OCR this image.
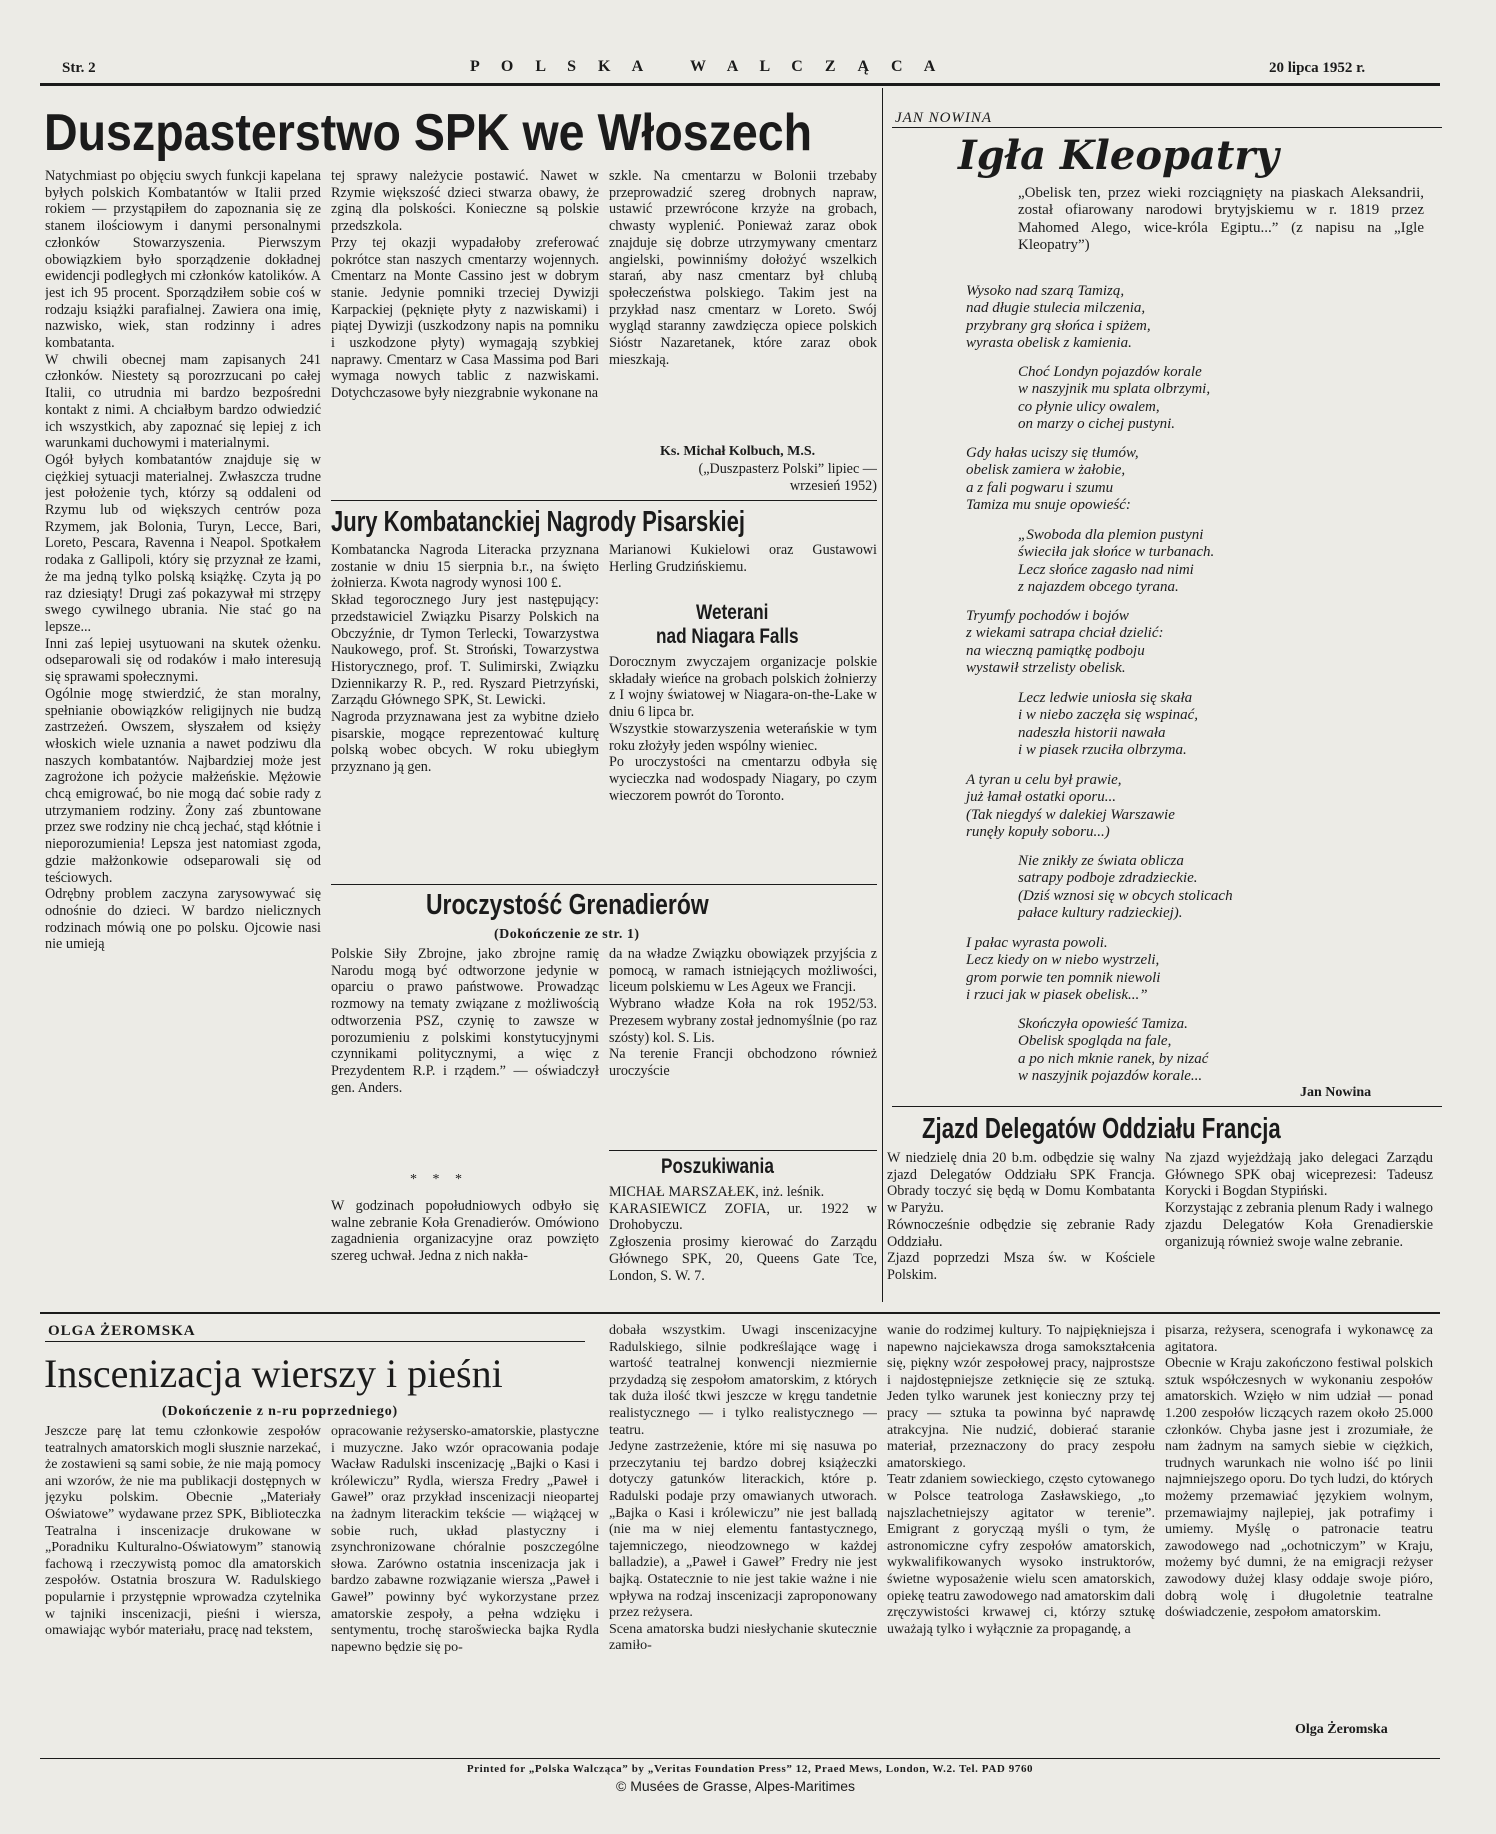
Str. 2	P O L S K A   W A L C Z Ą C A	20 lipca 1952 r.
Duszpasterstwo SPK we Włoszech

Natychmiast po objęciu swych funkcji kapelana byłych polskich Kombatantów w Italii przed rokiem — przystąpiłem do zapoznania się ze stanem ilościowym i danymi personalnymi członków Stowarzyszenia. Pierwszym obowiązkiem było sporządzenie dokładnej ewidencji podległych mi członków katolików. A jest ich 95 procent. Sporządziłem sobie coś w rodzaju książki parafialnej. Zawiera ona imię, nazwisko, wiek, stan rodzinny i adres kombatanta.
W chwili obecnej mam zapisanych 241 członków. Niestety są porozrzucani po całej Italii, co utrudnia mi bardzo bezpośredni kontakt z nimi. A chciałbym bardzo odwiedzić ich wszystkich, aby zapoznać się lepiej z ich warunkami duchowymi i materialnymi.
Ogół byłych kombatantów znajduje się w ciężkiej sytuacji materialnej. Zwłaszcza trudne jest położenie tych, którzy są oddaleni od Rzymu lub od większych centrów poza Rzymem, jak Bolonia, Turyn, Lecce, Bari, Loreto, Pescara, Ravenna i Neapol. Spotkałem rodaka z Gallipoli, który się przyznał ze łzami, że ma jedną tylko polską książkę. Czyta ją po raz dziesiąty! Drugi zaś pokazywał mi strzępy swego cywilnego ubrania. Nie stać go na lepsze...
Inni zaś lepiej usytuowani na skutek ożenku. odseparowali się od rodaków i mało interesują się sprawami społecznymi.
Ogólnie mogę stwierdzić, że stan moralny, spełnianie obowiązków religijnych nie budzą zastrzeżeń. Owszem, słyszałem od księży włoskich wiele uznania a nawet podziwu dla naszych kombatantów. Najbardziej może jest zagrożone ich pożycie małżeńskie. Mężowie chcą emigrować, bo nie mogą dać sobie rady z utrzymaniem rodziny. Żony zaś zbuntowane przez swe rodziny nie chcą jechać, stąd kłótnie i nieporozumienia! Lepsza jest natomiast zgoda, gdzie małżonkowie odseparowali się od teściowych.
Odrębny problem zaczyna zarysowywać się odnośnie do dzieci. W bardzo nielicznych rodzinach mówią one po polsku. Ojcowie nasi nie umieją

tej sprawy należycie postawić. Nawet w Rzymie większość dzieci stwarza obawy, że zginą dla polskości. Konieczne są polskie przedszkola.
Przy tej okazji wypadałoby zreferować pokrótce stan naszych cmentarzy wojennych. Cmentarz na Monte Cassino jest w dobrym stanie. Jedynie pomniki trzeciej Dywizji Karpackiej (pęknięte płyty z nazwiskami) i piątej Dywizji (uszkodzony napis na pomniku i uszkodzone płyty) wymagają szybkiej naprawy. Cmentarz w Casa Massima pod Bari wymaga nowych tablic z nazwiskami. Dotychczasowe były niezgrabnie wykonane na

szkle. Na cmentarzu w Bolonii trzebaby przeprowadzić szereg drobnych napraw, ustawić przewrócone krzyże na grobach, chwasty wyplenić. Ponieważ zaraz obok znajduje się dobrze utrzymywany cmentarz angielski, powinniśmy dołożyć wszelkich starań, aby nasz cmentarz był chlubą społeczeństwa polskiego. Takim jest na przykład nasz cmentarz w Loreto. Swój wygląd staranny zawdzięcza opiece polskich Sióstr Nazaretanek, które zaraz obok mieszkają.

Ks. Michał Kolbuch, M.S.

(„Duszpasterz Polski” lipiec — wrzesień 1952)

Jury Kombatanckiej Nagrody Pisarskiej

Kombatancka Nagroda Literacka przyznana zostanie w dniu 15 sierpnia b.r., na święto żołnierza. Kwota nagrody wynosi 100 £.
Skład tegorocznego Jury jest następujący: przedstawiciel Związku Pisarzy Polskich na Obczyźnie, dr Tymon Terlecki, Towarzystwa Naukowego, prof. St. Stroński, Towarzystwa Historycznego, prof. T. Sulimirski, Związku Dziennikarzy R. P., red. Ryszard Pietrzyński, Zarządu Głównego SPK, St. Lewicki.
Nagroda przyznawana jest za wybitne dzieło pisarskie, mogące reprezentować kulturę polską wobec obcych. W roku ubiegłym przyznano ją gen.

Marianowi Kukielowi oraz Gustawowi Herling Grudzińskiemu.

Weterani
nad Niagara Falls

Dorocznym zwyczajem organizacje polskie składały wieńce na grobach polskich żołnierzy z I wojny światowej w Niagara-on-the-Lake w dniu 6 lipca br.
Wszystkie stowarzyszenia weterańskie w tym roku złożyły jeden wspólny wieniec.
Po uroczystości na cmentarzu odbyła się wycieczka nad wodospady Niagary, po czym wieczorem powrót do Toronto.

Uroczystość Grenadierów
(Dokończenie ze str. 1)

Polskie Siły Zbrojne, jako zbrojne ramię Narodu mogą być odtworzone jedynie w oparciu o prawo państwowe. Prowadząc rozmowy na tematy związane z możliwością odtworzenia PSZ, czynię to zawsze w porozumieniu z polskimi konstytucyjnymi czynnikami politycznymi, a więc z Prezydentem R.P. i rządem.” — oświadczył gen. Anders.

* * *

W godzinach popołudniowych odbyło się walne zebranie Koła Grenadierów. Omówiono zagadnienia organizacyjne oraz powzięto szereg uchwał. Jedna z nich nakła-

da na władze Związku obowiązek przyjścia z pomocą, w ramach istniejących możliwości, liceum polskiemu w Les Ageux we Francji.
Wybrano władze Koła na rok 1952/53. Prezesem wybrany został jednomyślnie (po raz szósty) kol. S. Lis.
Na terenie Francji obchodzono również uroczyście

Poszukiwania

MICHAŁ MARSZAŁEK, inż. leśnik.
KARASIEWICZ ZOFIA, ur. 1922 w Drohobyczu.
Zgłoszenia prosimy kierować do Zarządu Głównego SPK, 20, Queens Gate Tce, London, S. W. 7.

JAN NOWINA
Igła Kleopatry

„Obelisk ten, przez wieki rozciągnięty na piaskach Aleksandrii, został ofiarowany narodowi brytyjskiemu w r. 1819 przez Mahomed Alego, wice-króla Egiptu...” (z napisu na „Igle Kleopatry”)

Wysoko nad szarą Tamizą,
nad długie stulecia milczenia,
przybrany grą słońca i spiżem,
wyrasta obelisk z kamienia.

Choć Londyn pojazdów korale
w naszyjnik mu splata olbrzymi,
co płynie ulicy owalem,
on marzy o cichej pustyni.

Gdy hałas uciszy się tłumów,
obelisk zamiera w żałobie,
a z fali pogwaru i szumu
Tamiza mu snuje opowieść:

„Swoboda dla plemion pustyni
świeciła jak słońce w turbanach.
Lecz słońce zagasło nad nimi
z najazdem obcego tyrana.

Tryumfy pochodów i bojów
z wiekami satrapa chciał dzielić:
na wieczną pamiątkę podboju
wystawił strzelisty obelisk.

Lecz ledwie uniosła się skała
i w niebo zaczęła się wspinać,
nadeszła historii nawała
i w piasek rzuciła olbrzyma.

A tyran u celu był prawie,
już łamał ostatki oporu...
(Tak niegdyś w dalekiej Warszawie
runęły kopuły soboru...)

Nie znikły ze świata oblicza
satrapy podboje zdradzieckie.
(Dziś wznosi się w obcych stolicach
pałace kultury radzieckiej).

I pałac wyrasta powoli.
Lecz kiedy on w niebo wystrzeli,
grom porwie ten pomnik niewoli
i rzuci jak w piasek obelisk...”

Skończyła opowieść Tamiza.
Obelisk spogląda na fale,
a po nich mknie ranek, by nizać
w naszyjnik pojazdów korale...

Jan Nowina
Zjazd Delegatów Oddziału Francja

W niedzielę dnia 20 b.m. odbędzie się walny zjazd Delegatów Oddziału SPK Francja. Obrady toczyć się będą w Domu Kombatanta w Paryżu.
Równocześnie odbędzie się zebranie Rady Oddziału.
Zjazd poprzedzi Msza św. w Kościele Polskim.

Na zjazd wyjeżdżają jako delegaci Zarządu Głównego SPK obaj wiceprezesi: Tadeusz Korycki i Bogdan Stypiński.
Korzystając z zebrania plenum Rady i walnego zjazdu Delegatów Koła Grenadierskie organizują również swoje walne zebranie.

OLGA ŻEROMSKA
Inscenizacja wierszy i pieśni
(Dokończenie z n-ru poprzedniego)

Jeszcze parę lat temu członkowie zespołów teatralnych amatorskich mogli słusznie narzekać, że zostawieni są sami sobie, że nie mają pomocy ani wzorów, że nie ma publikacji dostępnych w języku polskim. Obecnie „Materiały Oświatowe” wydawane przez SPK, Biblioteczka Teatralna i inscenizacje drukowane w „Poradniku Kulturalno-Oświatowym” stanowią fachową i rzeczywistą pomoc dla amatorskich zespołów. Ostatnia broszura W. Radulskiego popularnie i przystępnie wprowadza czytelnika w tajniki inscenizacji, pieśni i wiersza, omawiając wybór materiału, pracę nad tekstem,

opracowanie reżysersko-amatorskie, plastyczne i muzyczne. Jako wzór opracowania podaje Wacław Radulski inscenizację „Bajki o Kasi i królewiczu” Rydla, wiersza Fredry „Paweł i Gaweł” oraz przykład inscenizacji nieopartej na żadnym literackim tekście — wiążącej w sobie ruch, układ plastyczny i zsynchronizowane chóralnie poszczególne słowa. Zarówno ostatnia inscenizacja jak i bardzo zabawne rozwiązanie wiersza „Paweł i Gaweł” powinny być wykorzystane przez amatorskie zespoły, a pełna wdzięku i sentymentu, trochę starošwiecka bajka Rydla napewno będzie się po-

dobała wszystkim. Uwagi inscenizacyjne Radulskiego, silnie podkreślające wagę i wartość teatralnej konwencji niezmiernie przydadzą się zespołom amatorskim, z których tak duża ilość tkwi jeszcze w kręgu tandetnie realistycznego — i tylko realistycznego — teatru.
Jedyne zastrzeżenie, które mi się nasuwa po przeczytaniu tej bardzo dobrej książeczki dotyczy gatunków literackich, które p. Radulski podaje przy omawianych utworach. „Bajka o Kasi i królewiczu” nie jest balladą (nie ma w niej elementu fantastycznego, tajemniczego, nieodzownego w każdej balladzie), a „Paweł i Gaweł” Fredry nie jest bajką. Ostatecznie to nie jest takie ważne i nie wpływa na rodzaj inscenizacji zaproponowany przez reżysera.
Scena amatorska budzi niesłychanie skutecznie zamiło-

wanie do rodzimej kultury. To najpiękniejsza i napewno najciekawsza droga samokształcenia się, piękny wzór zespołowej pracy, najprostsze i najdostępniejsze zetknięcie się ze sztuką. Jeden tylko warunek jest konieczny przy tej pracy — sztuka ta powinna być naprawdę atrakcyjna. Nie nudzić, dobierać staranie materiał, przeznaczony do pracy zespołu amatorskiego.
Teatr zdaniem sowieckiego, często cytowanego w Polsce teatrologa Zasławskiego, „to najszlachetniejszy agitator w terenie”. Emigrant z gorycząą myśli o tym, że astronomiczne cyfry zespołów amatorskich, wykwalifikowanych wysoko instruktorów, świetne wyposażenie wielu scen amatorskich, opiekę teatru zawodowego nad amatorskim dali zręczywistości krwawej ci, którzy sztukę uważają tylko i wyłącznie za propagandę, a

pisarza, reżysera, scenografa i wykonawcę za agitatora.
Obecnie w Kraju zakończono festiwal polskich sztuk współczesnych w wykonaniu zespołów amatorskich. Wzięło w nim udział — ponad 1.200 zespołów liczących razem około 25.000 członków. Chyba jasne jest i zrozumiałe, że nam żadnym na samych siebie w ciężkich, trudnych warunkach nie wolno iść po linii najmniejszego oporu. Do tych ludzi, do których możemy przemawiać językiem wolnym, przemawiajmy najlepiej, jak potrafimy i umiemy. Myślę o patronacie teatru zawodowego nad „ochotniczym” w Kraju, możemy być dumni, że na emigracji reżyser zawodowy dużej klasy oddaje swoje pióro, dobrą wolę i długoletnie teatralne doświadczenie, zespołom amatorskim.

Olga Żeromska
Printed for „Polska Walcząca” by „Veritas Foundation Press” 12, Praed Mews, London, W.2. Tel. PAD 9760
© Musées de Grasse, Alpes-Maritimes
